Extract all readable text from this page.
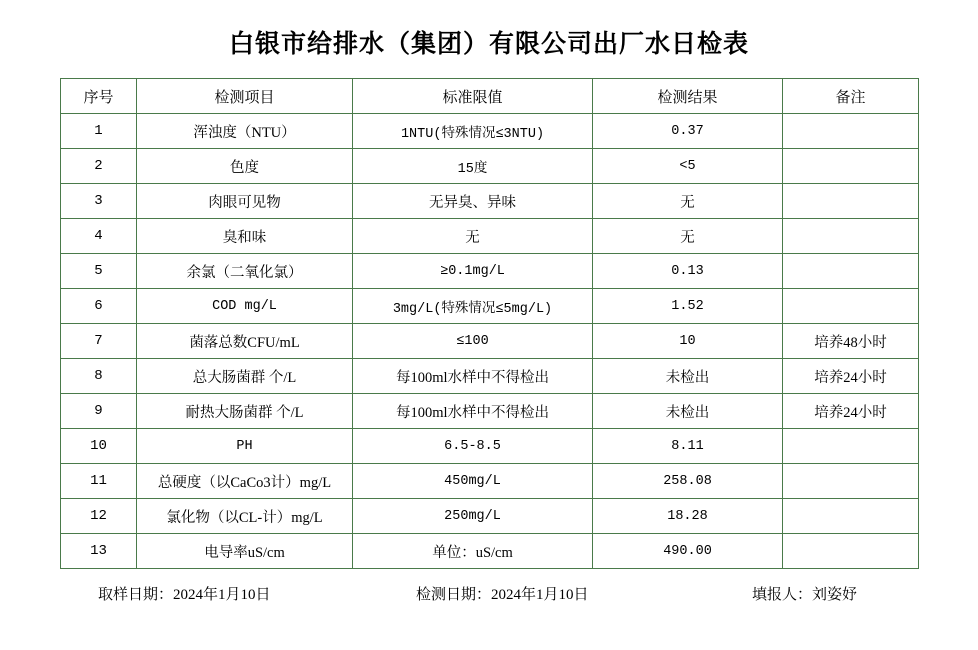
白银市给排水（集团）有限公司出厂水日检表
序号	检测项目	标准限值	检测结果	备注
1	浑浊度（NTU）	1NTU(特殊情况≤3NTU)	0.37	
2	色度	15度	<5	
3	肉眼可见物	无异臭、异味	无	
4	臭和味	无	无	
5	余氯（二氧化氯）	≥0.1mg/L	0.13	
6	COD mg/L	3mg/L(特殊情况≤5mg/L)	1.52	
7	菌落总数CFU/mL	≤100	10	培养48小时
8	总大肠菌群 个/L	每100ml水样中不得检出	未检出	培养24小时
9	耐热大肠菌群 个/L	每100ml水样中不得检出	未检出	培养24小时
10	PH	6.5-8.5	8.11	
11	总硬度（以CaCo3计）mg/L	450mg/L	258.08	
12	氯化物（以CL-计）mg/L	250mg/L	18.28	
13	电导率uS/cm	单位：uS/cm	490.00	
取样日期：2024年1月10日	检测日期：2024年1月10日	填报人：刘姿妤
